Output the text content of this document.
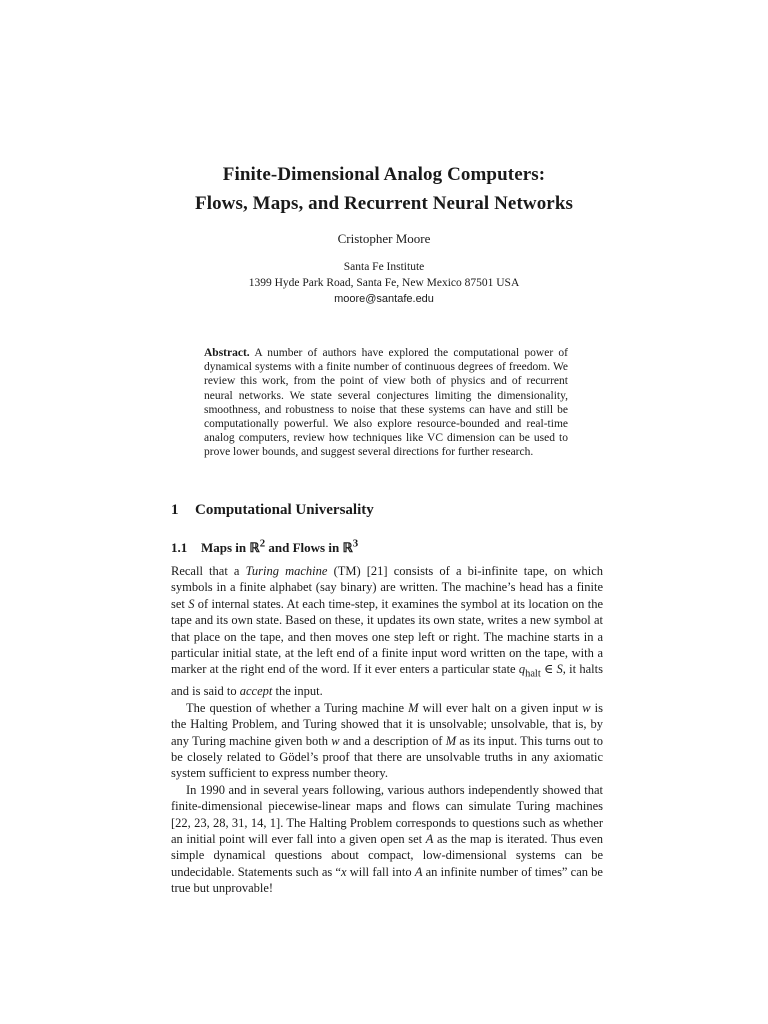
Finite-Dimensional Analog Computers:
Flows, Maps, and Recurrent Neural Networks
Cristopher Moore
Santa Fe Institute
1399 Hyde Park Road, Santa Fe, New Mexico 87501 USA
moore@santafe.edu
Abstract. A number of authors have explored the computational power of dynamical systems with a finite number of continuous degrees of freedom. We review this work, from the point of view both of physics and of recurrent neural networks. We state several conjectures limiting the dimensionality, smoothness, and robustness to noise that these systems can have and still be computationally powerful. We also explore resource-bounded and real-time analog computers, review how techniques like VC dimension can be used to prove lower bounds, and suggest several directions for further research.
1 Computational Universality
1.1 Maps in ℝ$^2$ and Flows in ℝ$^3$

Recall that a Turing machine (TM) [21] consists of a bi-infinite tape, on which symbols in a finite alphabet (say binary) are written. The machine’s head has a finite set S of internal states. At each time-step, it examines the symbol at its location on the tape and its own state. Based on these, it updates its own state, writes a new symbol at that place on the tape, and then moves one step left or right. The machine starts in a particular initial state, at the left end of a finite input word written on the tape, with a marker at the right end of the word. If it ever enters a particular state $q_{halt}$ ∈ S, it halts and is said to accept the input.

The question of whether a Turing machine M will ever halt on a given input w is the Halting Problem, and Turing showed that it is unsolvable; unsolvable, that is, by any Turing machine given both w and a description of M as its input. This turns out to be closely related to Gödel’s proof that there are unsolvable truths in any axiomatic system sufficient to express number theory.

In 1990 and in several years following, various authors independently showed that finite-dimensional piecewise-linear maps and flows can simulate Turing machines [22, 23, 28, 31, 14, 1]. The Halting Problem corresponds to questions such as whether an initial point will ever fall into a given open set A as the map is iterated. Thus even simple dynamical questions about compact, low-dimensional systems can be undecidable. Statements such as “x will fall into A an infinite number of times” can be true but unprovable!
